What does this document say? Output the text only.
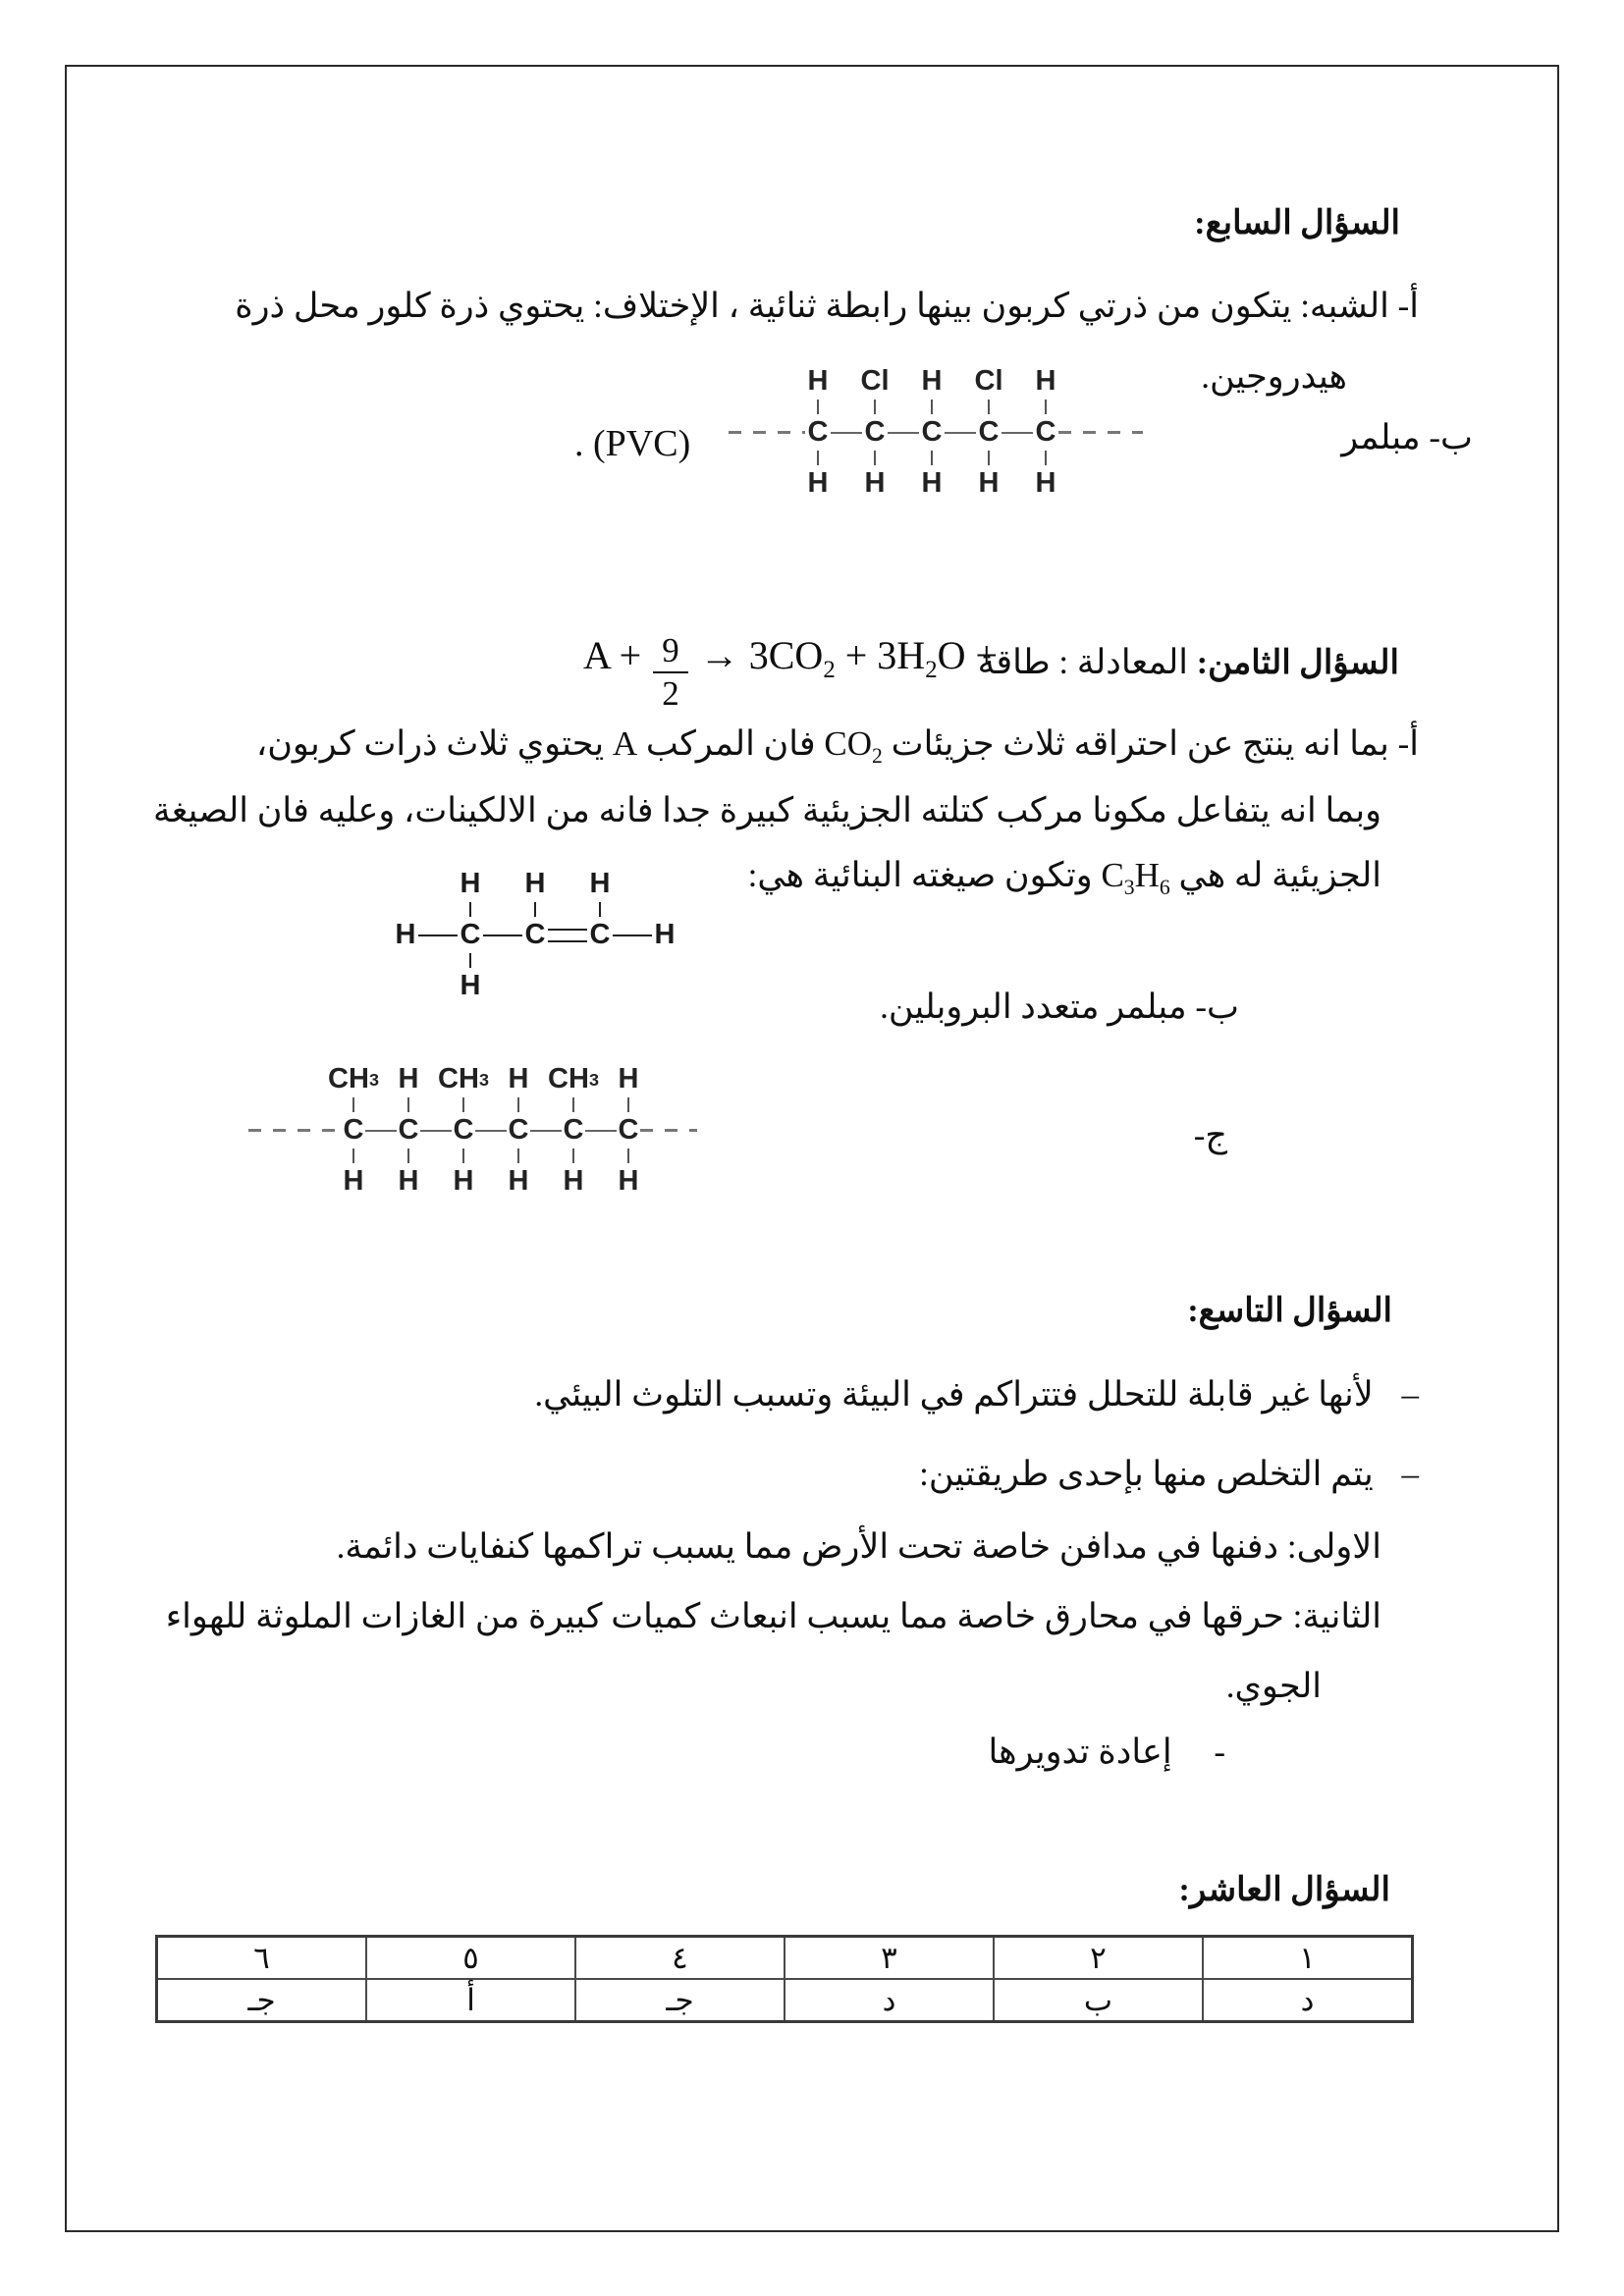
السؤال السابع:
أ- الشبه: يتكون من ذرتي كربون بينها رابطة ثنائية ، الإختلاف: يحتوي ذرة كلور محل ذرة
هيدروجين.
ب- مبلمر
. (PVC)
H Cl H Cl H
C C C C C
H H H H H
$A + \frac{9}{2} \to 3CO_2 + 3H_2O$ +	السؤال الثامن: المعادلة : طاقة
أ- بما انه ينتج عن احتراقه ثلاث جزيئات $CO_2$ فان المركب A يحتوي ثلاث ذرات كربون،
وبما انه يتفاعل مكونا مركب كتلته الجزيئية كبيرة جدا فانه من الالكينات، وعليه فان الصيغة
الجزيئية له هي $C_3H_6$ وتكون صيغته البنائية هي:
H H H
H C C C H
H
ب- مبلمر متعدد البروبلين.
ج-
CH 3 H CH 3 H CH 3 H
C C C C C C
H H H H H H
السؤال التاسع:
– لأنها غير قابلة للتحلل فتتراكم في البيئة وتسبب التلوث البيئي.
– يتم التخلص منها بإحدى طريقتين:
الاولى: دفنها في مدافن خاصة تحت الأرض مما يسبب تراكمها كنفايات دائمة.
الثانية: حرقها في محارق خاصة مما يسبب انبعاث كميات كبيرة من الغازات الملوثة للهواء
الجوي.
- إعادة تدويرها
السؤال العاشر:
١	٢	٣	٤	٥	٦
د	ب	د	جـ	أ	جـ
